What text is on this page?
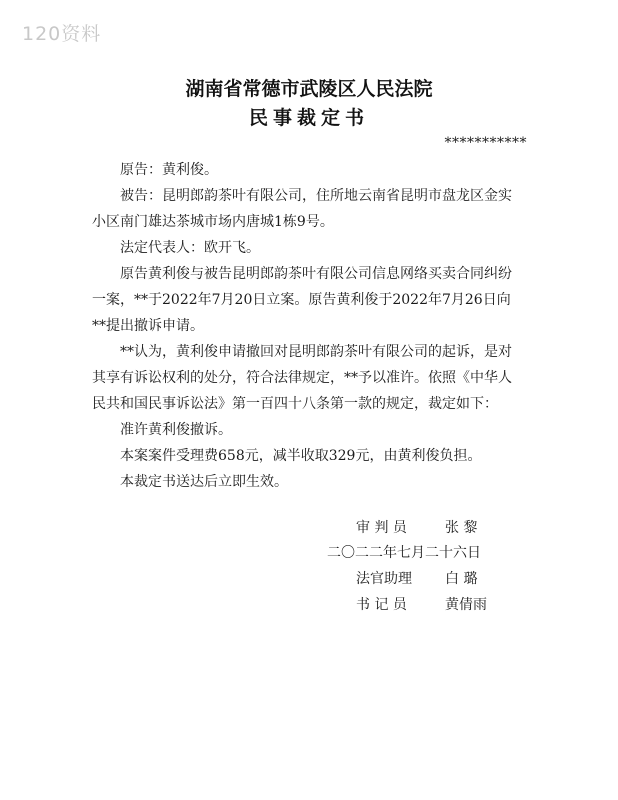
120资料
湖南省常德市武陵区人民法院
民事裁定书
***********

原告：黄利俊。

被告：昆明郎韵茶叶有限公司，住所地云南省昆明市盘龙区金实小区南门雄达茶城市场内唐城1栋9号。

法定代表人：欧开飞。

原告黄利俊与被告昆明郎韵茶叶有限公司信息网络买卖合同纠纷一案，**于2022年7月20日立案。原告黄利俊于2022年7月26日向**提出撤诉申请。

**认为，黄利俊申请撤回对昆明郎韵茶叶有限公司的起诉，是对其享有诉讼权利的处分，符合法律规定，**予以准许。依照《中华人民共和国民事诉讼法》第一百四十八条第一款的规定，裁定如下：

准许黄利俊撤诉。

本案案件受理费658元，减半收取329元，由黄利俊负担。

本裁定书送达后立即生效。

审 判 员	张 黎
二〇二二年七月二十六日
法官助理 白 璐
书 记 员	黄倩雨
